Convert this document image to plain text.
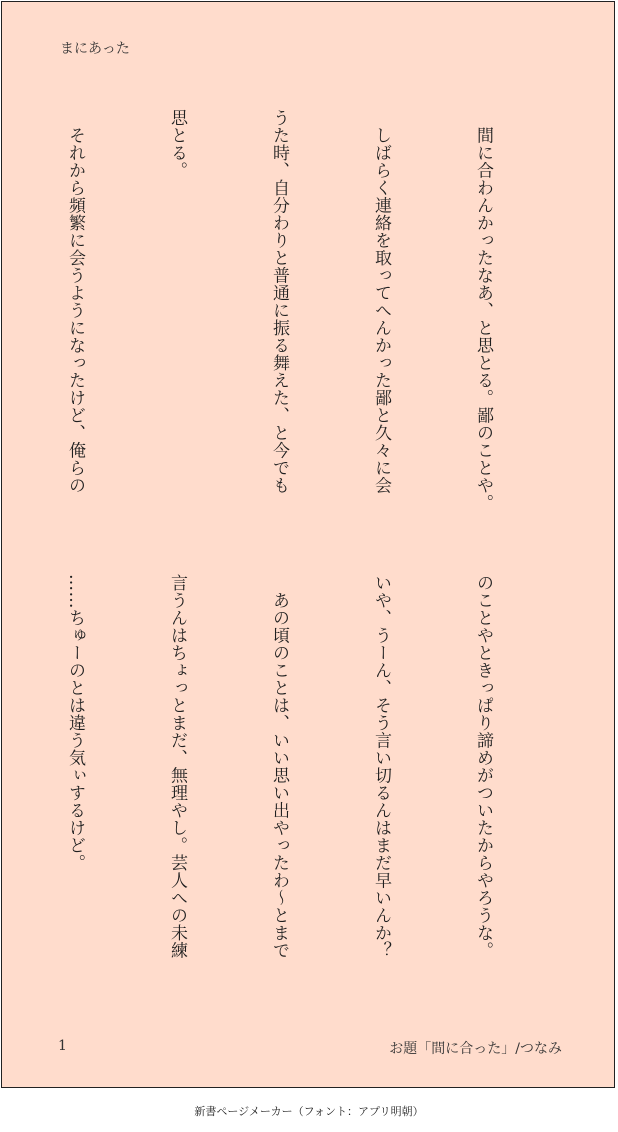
まにあった

　間に合わんかったなあ、と思とる。鄙のことや。

　しばらく連絡を取ってへんかった鄙と久々に会

うた時、自分わりと普通に振る舞えた、と今でも

思とる。

　それから頻繁に会うようになったけど、俺らの

のことやときっぱり諦めがついたからやろうな。

いや、うーん、そう言い切るんはまだ早いんか？

　あの頃のことは、いい思い出やったわ～とまで

言うんはちょっとまだ、無理やし。芸人への未練

……ちゅーのとは違う気ぃするけど。

1	お題「間に合った」/つなみ
新書ページメーカー（フォント：アプリ明朝）
